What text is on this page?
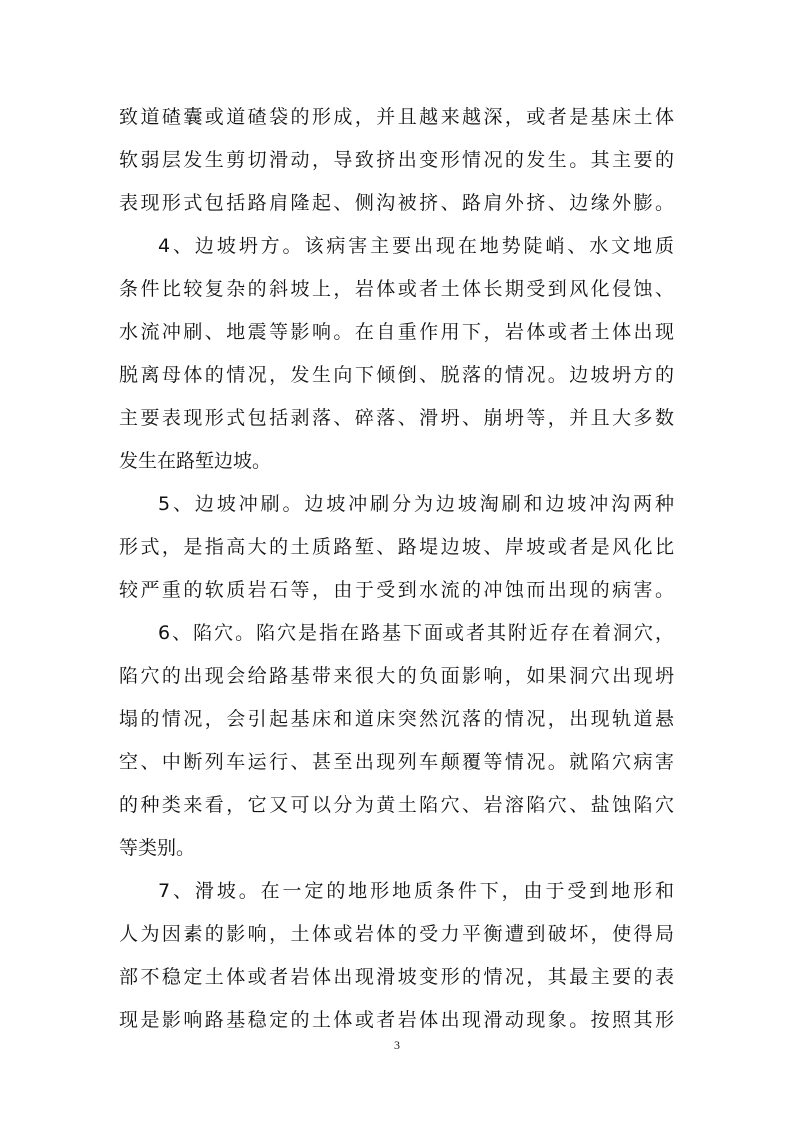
致道碴囊或道碴袋的形成，并且越来越深，或者是基床土体
软弱层发生剪切滑动，导致挤出变形情况的发生。其主要的
表现形式包括路肩隆起、侧沟被挤、路肩外挤、边缘外膨。
4、边坡坍方。该病害主要出现在地势陡峭、水文地质
条件比较复杂的斜坡上，岩体或者土体长期受到风化侵蚀、
水流冲刷、地震等影响。在自重作用下，岩体或者土体出现
脱离母体的情况，发生向下倾倒、脱落的情况。边坡坍方的
主要表现形式包括剥落、碎落、滑坍、崩坍等，并且大多数
发生在路堑边坡。
5、边坡冲刷。边坡冲刷分为边坡淘刷和边坡冲沟两种
形式，是指高大的土质路堑、路堤边坡、岸坡或者是风化比
较严重的软质岩石等，由于受到水流的冲蚀而出现的病害。
6、陷穴。陷穴是指在路基下面或者其附近存在着洞穴，
陷穴的出现会给路基带来很大的负面影响，如果洞穴出现坍
塌的情况，会引起基床和道床突然沉落的情况，出现轨道悬
空、中断列车运行、甚至出现列车颠覆等情况。就陷穴病害
的种类来看，它又可以分为黄土陷穴、岩溶陷穴、盐蚀陷穴
等类别。
7、滑坡。在一定的地形地质条件下，由于受到地形和
人为因素的影响，土体或岩体的受力平衡遭到破坏，使得局
部不稳定土体或者岩体出现滑坡变形的情况，其最主要的表
现是影响路基稳定的土体或者岩体出现滑动现象。按照其形
3
